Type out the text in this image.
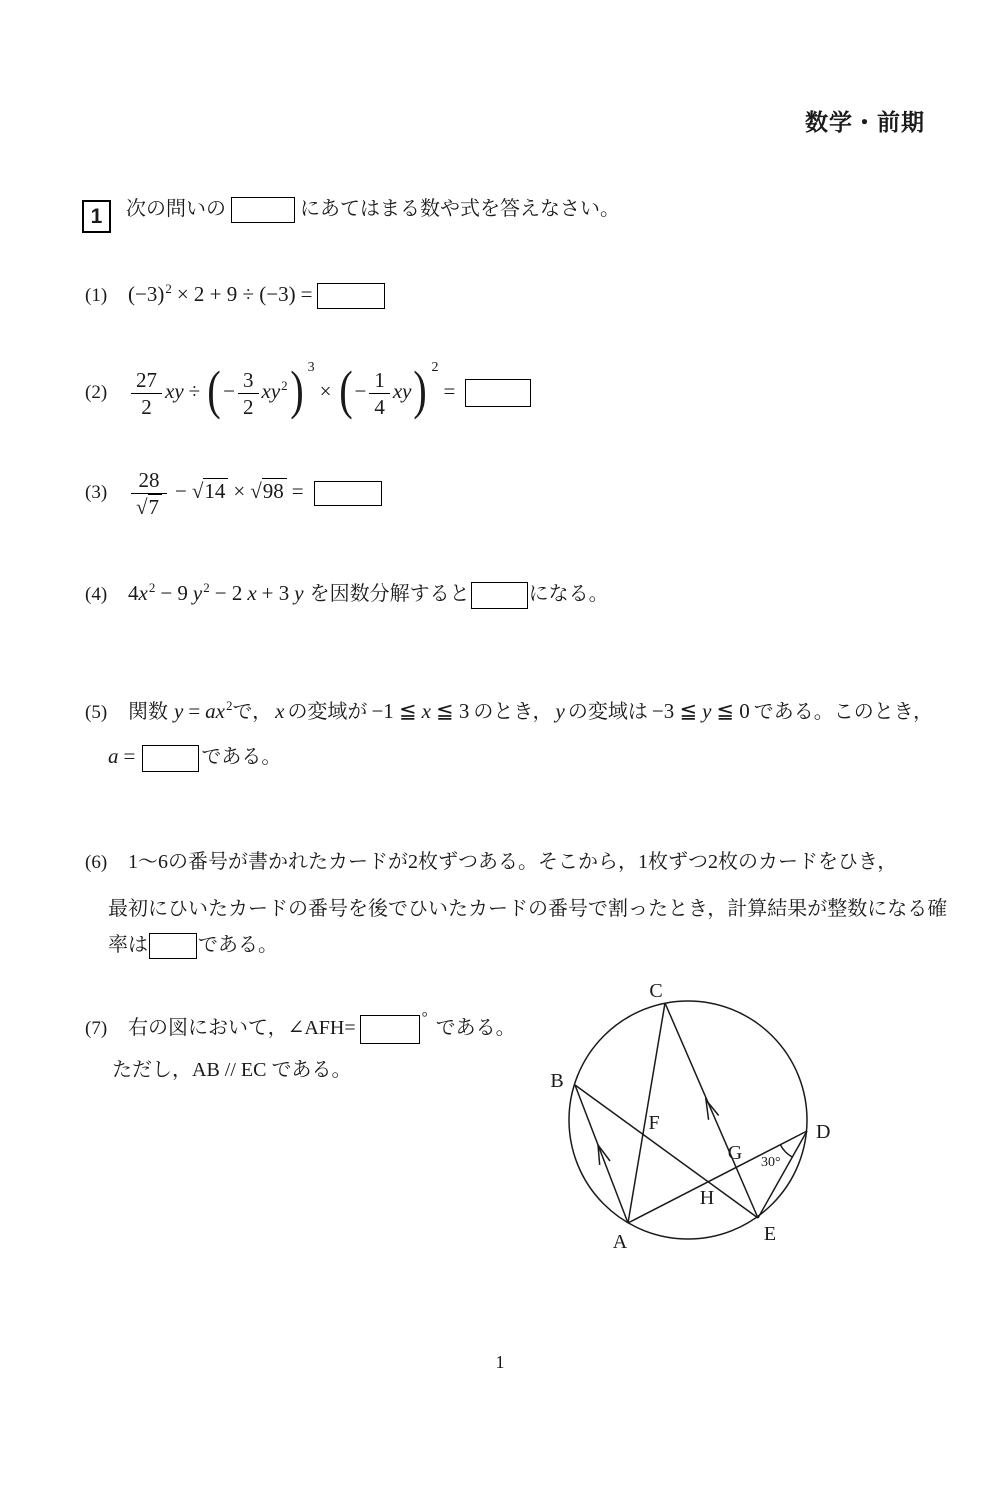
数学・前期
1 次の問いの	にあてはまる数や式を答えなさい。
(1) $(-3)^2 \times 2 + 9 \div (-3)$ =
$(2) \frac{27}{2}$ xy ÷ ( − $\frac{3}{2} xy^2$) $^3$× ( − $\frac{1}{4} xy$) $^2$=
$(3) \frac{28}{√7} - √14 \times √98$ =
(4) $4x^2 - 9$ $y^2 - 2$ x + 3 y を因数分解すると	になる。
(5) 関数 $y = ax^2$で， x の変域が −1 ≦ x ≦ 3 のとき， y の変域は −3 ≦ y ≦ 0 である。このとき，
a =	である。
(6) 1～6の番号が書かれたカードが2枚ずつある。そこから，1枚ずつ2枚のカードをひき，
最初にひいたカードの番号を後でひいたカードの番号で割ったとき，計算結果が整数になる確
率は	である。
(7) 右の図において，∠AFH=	° である。
ただし，AB // EC である。
A
B
C
D
E
F
G
H
30°
1
